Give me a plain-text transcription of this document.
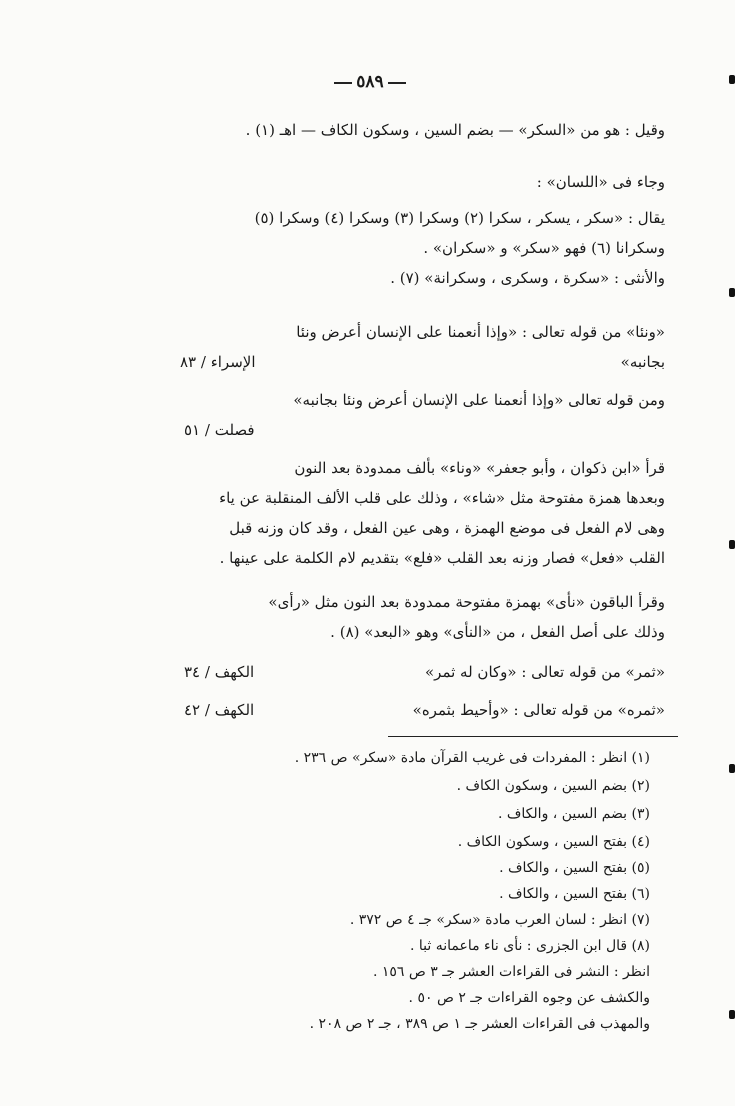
٥٨٩
وقيل : هو من «السكر» — بضم السين ، وسكون الكاف — اهـ (١) .
وجاء فى «اللسان» :
يقال : «سكر ، يسكر ، سكرا (٢) وسكرا (٣) وسكرا (٤) وسكرا (٥)
وسكرانا (٦) فهو «سكر» و «سكران» .
والأنثى : «سكرة ، وسكرى ، وسكرانة» (٧) .
«ونئا» من قوله تعالى : «وإذا أنعمنا على الإنسان أعرض ونئا
بجانبه»
الإسراء / ٨٣
ومن قوله تعالى «وإذا أنعمنا على الإنسان أعرض ونئا بجانبه»
فصلت / ٥١
قرأ «ابن ذكوان ، وأبو جعفر» «وناء» بألف ممدودة بعد النون
وبعدها همزة مفتوحة مثل «شاء» ، وذلك على قلب الألف المنقلبة عن ياء
وهى لام الفعل فى موضع الهمزة ، وهى عين الفعل ، وقد كان وزنه قبل
القلب «فعل» فصار وزنه بعد القلب «فلع» بتقديم لام الكلمة على عينها .
وقرأ الباقون «نأى» بهمزة مفتوحة ممدودة بعد النون مثل «رأى»
وذلك على أصل الفعل ، من «النأى» وهو «البعد» (٨) .
«ثمر» من قوله تعالى : «وكان له ثمر»
الكهف / ٣٤
«ثمره» من قوله تعالى : «وأحيط بثمره»
الكهف / ٤٢
(١) انظر : المفردات فى غريب القرآن مادة «سكر» ص ٢٣٦ .
(٢) بضم السين ، وسكون الكاف .
(٣) بضم السين ، والكاف .
(٤) بفتح السين ، وسكون الكاف .
(٥) بفتح السين ، والكاف .
(٦) بفتح السين ، والكاف .
(٧) انظر : لسان العرب مادة «سكر» جـ ٤ ص ٣٧٢ .
(٨) قال ابن الجزرى : نأى ناء ماعمانه ثبا .
انظر : النشر فى القراءات العشر جـ ٣ ص ١٥٦ .
والكشف عن وجوه القراءات جـ ٢ ص ٥٠ .
والمهذب فى القراءات العشر جـ ١ ص ٣٨٩ ، جـ ٢ ص ٢٠٨ .
